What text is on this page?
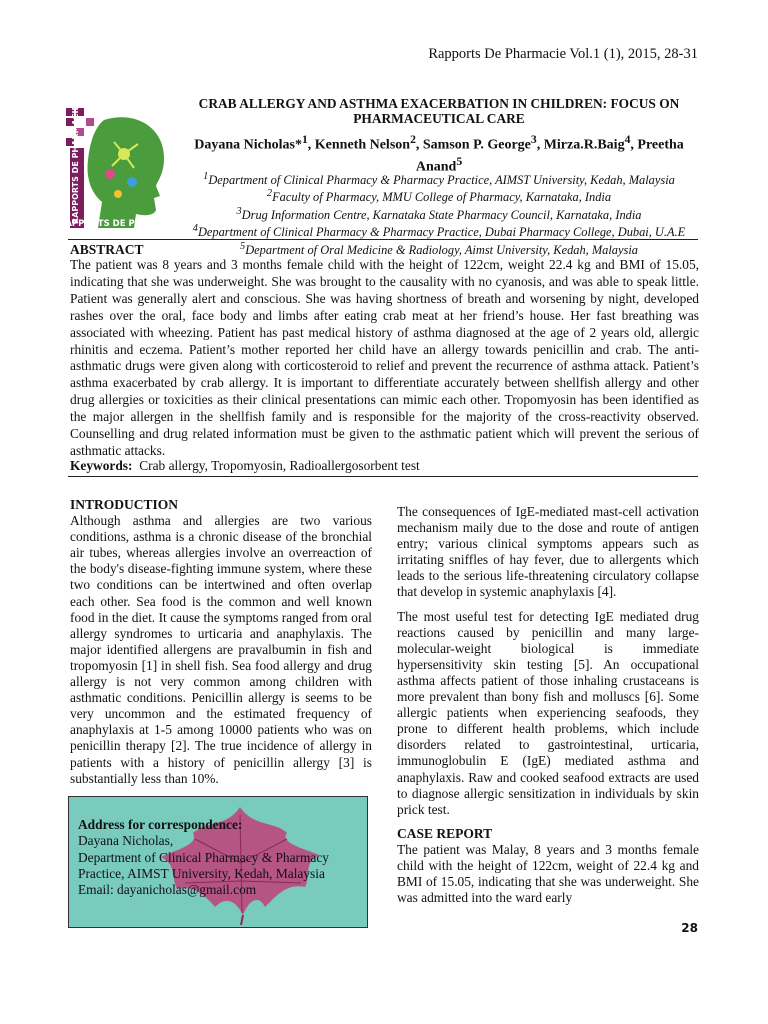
Rapports De Pharmacie Vol.1 (1), 2015, 28-31
RAPPORTS DE PHARMACIE
RAPPORTS DE PHARMACIE
CRAB ALLERGY AND ASTHMA EXACERBATION IN CHILDREN: FOCUS ON
PHARMACEUTICAL CARE
Dayana Nicholas*$^1$, Kenneth Nelson$^2$, Samson P. George$^3$, Mirza.R.Baig$^4$, Preetha
Anand$^5$
$^1$Department of Clinical Pharmacy & Pharmacy Practice, AIMST University, Kedah, Malaysia
$^2$Faculty of Pharmacy, MMU College of Pharmacy, Karnataka, India
$^3$Drug Information Centre, Karnataka State Pharmacy Council, Karnataka, India
$^4$Department of Clinical Pharmacy & Pharmacy Practice, Dubai Pharmacy College, Dubai, U.A.E
$^5$Department of Oral Medicine & Radiology, Aimst University, Kedah, Malaysia
ABSTRACT
The patient was 8 years and 3 months female child with the height of 122cm, weight 22.4 kg and BMI of 15.05, indicating that she was underweight. She was brought to the causality with no cyanosis, and was able to speak little. Patient was generally alert and conscious. She was having shortness of breath and worsening by night, developed rashes over the oral, face body and limbs after eating crab meat at her friend’s house. Her fast breathing was associated with wheezing. Patient has past medical history of asthma diagnosed at the age of 2 years old, allergic rhinitis and eczema. Patient’s mother reported her child have an allergy towards penicillin and crab. The anti-asthmatic drugs were given along with corticosteroid to relief and prevent the recurrence of asthma attack. Patient’s asthma exacerbated by crab allergy. It is important to differentiate accurately between shellfish allergy and other drug allergies or toxicities as their clinical presentations can mimic each other. Tropomyosin has been identified as the major allergen in the shellfish family and is responsible for the majority of the cross-reactivity observed. Counselling and drug related information must be given to the asthmatic patient which will prevent the serious of asthmatic attacks.
Keywords: Crab allergy, Tropomyosin, Radioallergosorbent test
INTRODUCTION
Although asthma and allergies are two various conditions, asthma is a chronic disease of the bronchial air tubes, whereas allergies involve an overreaction of the body's disease-fighting immune system, where these two conditions can be intertwined and often overlap each other. Sea food is the common and well known food in the diet. It cause the symptoms ranged from oral allergy syndromes to urticaria and anaphylaxis. The major identified allergens are pravalbumin in fish and tropomyosin [1] in shell fish. Sea food allergy and drug allergy is not very common among children with asthmatic conditions. Penicillin allergy is seems to be very uncommon and the estimated frequency of anaphylaxis at 1-5 among 10000 patients who was on penicillin therapy [2]. The true incidence of allergy in patients with a history of penicillin allergy [3] is substantially less than 10%.
Address for correspondence:
Dayana Nicholas,
Department of Clinical Pharmacy & Pharmacy
Practice, AIMST University, Kedah, Malaysia
Email: dayanicholas@gmail.com

The consequences of IgE-mediated mast-cell activation mechanism maily due to the dose and route of antigen entry; various clinical symptoms appears such as irritating sniffles of hay fever, due to allergents which leads to the serious life-threatening circulatory collapse that develop in systemic anaphylaxis [4].

The most useful test for detecting IgE mediated drug reactions caused by penicillin and many large-molecular-weight biological is immediate hypersensitivity skin testing [5]. An occupational asthma affects patient of those inhaling crustaceans is more prevalent than bony fish and molluscs [6]. Some allergic patients when experiencing seafoods, they prone to different health problems, which include disorders related to gastrointestinal, urticaria, immunoglobulin E (IgE) mediated asthma and anaphylaxis. Raw and cooked seafood extracts are used to diagnose allergic sensitization in individuals by skin prick test.

CASE REPORT
The patient was Malay, 8 years and 3 months female child with the height of 122cm, weight of 22.4 kg and BMI of 15.05, indicating that she was underweight. She was admitted into the ward early
28
